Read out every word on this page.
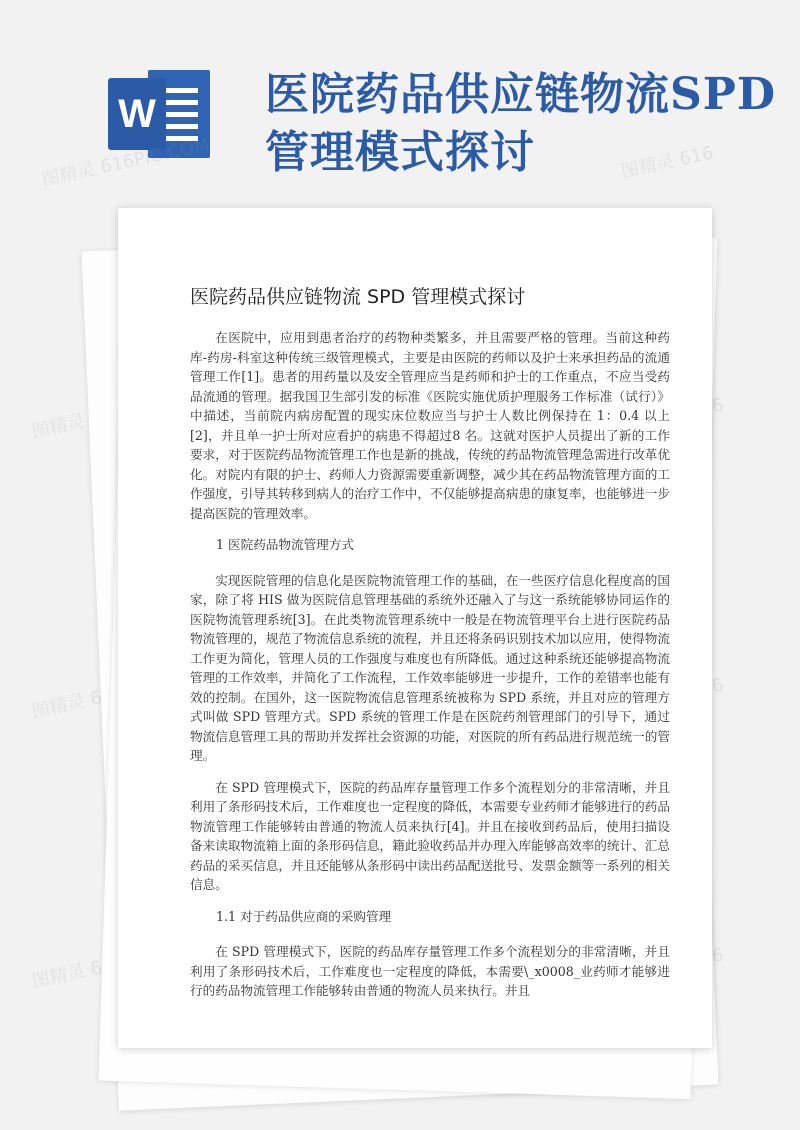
W 医院药品供应链物流SPD管理模式探讨
图精灵 616PIC.COM	图精灵 616
图精灵
图精灵
图精灵
医院药品供应链物流 SPD 管理模式探讨

在医院中，应用到患者治疗的药物种类繁多，并且需要严格的管理。当前这种药库-药房-科室这种传统三级管理模式，主要是由医院的药师以及护士来承担药品的流通管理工作[1]。患者的用药量以及安全管理应当是药师和护士的工作重点，不应当受药品流通的管理。据我国卫生部引发的标准《医院实施优质护理服务工作标准（试行）》中描述，当前院内病房配置的现实床位数应当与护士人数比例保持在 1：0.4 以上[2]，并且单一护士所对应看护的病患不得超过8 名。这就对医护人员提出了新的工作要求，对于医院药品物流管理工作也是新的挑战，传统的药品物流管理急需进行改革优化。对院内有限的护士、药师人力资源需要重新调整，减少其在药品物流管理方面的工作强度，引导其转移到病人的治疗工作中，不仅能够提高病患的康复率，也能够进一步提高医院的管理效率。

1 医院药品物流管理方式

实现医院管理的信息化是医院物流管理工作的基础，在一些医疗信息化程度高的国家，除了将 HIS 做为医院信息管理基础的系统外还融入了与这一系统能够协同运作的医院物流管理系统[3]。在此类物流管理系统中一般是在物流管理平台上进行医院药品物流管理的，规范了物流信息系统的流程，并且还将条码识别技术加以应用，使得物流工作更为简化，管理人员的工作强度与难度也有所降低。通过这种系统还能够提高物流管理的工作效率，并简化了工作流程，工作效率能够进一步提升，工作的差错率也能有效的控制。在国外，这一医院物流信息管理系统被称为 SPD 系统，并且对应的管理方式叫做 SPD 管理方式。SPD 系统的管理工作是在医院药剂管理部门的引导下，通过物流信息管理工具的帮助并发挥社会资源的功能，对医院的所有药品进行规范统一的管理。

在 SPD 管理模式下，医院的药品库存量管理工作多个流程划分的非常清晰，并且利用了条形码技术后，工作难度也一定程度的降低，本需要专业药师才能够进行的药品物流管理工作能够转由普通的物流人员来执行[4]。并且在接收到药品后，使用扫描设备来读取物流箱上面的条形码信息，籍此验收药品并办理入库能够高效率的统计、汇总药品的采买信息，并且还能够从条形码中读出药品配送批号、发票金额等一系列的相关信息。

1.1 对于药品供应商的采购管理

在 SPD 管理模式下，医院的药品库存量管理工作多个流程划分的非常清晰，并且利用了条形码技术后，工作难度也一定程度的降低，本需要\_x0008_业药师才能够进行的药品物流管理工作能够转由普通的物流人员来执行。并且
